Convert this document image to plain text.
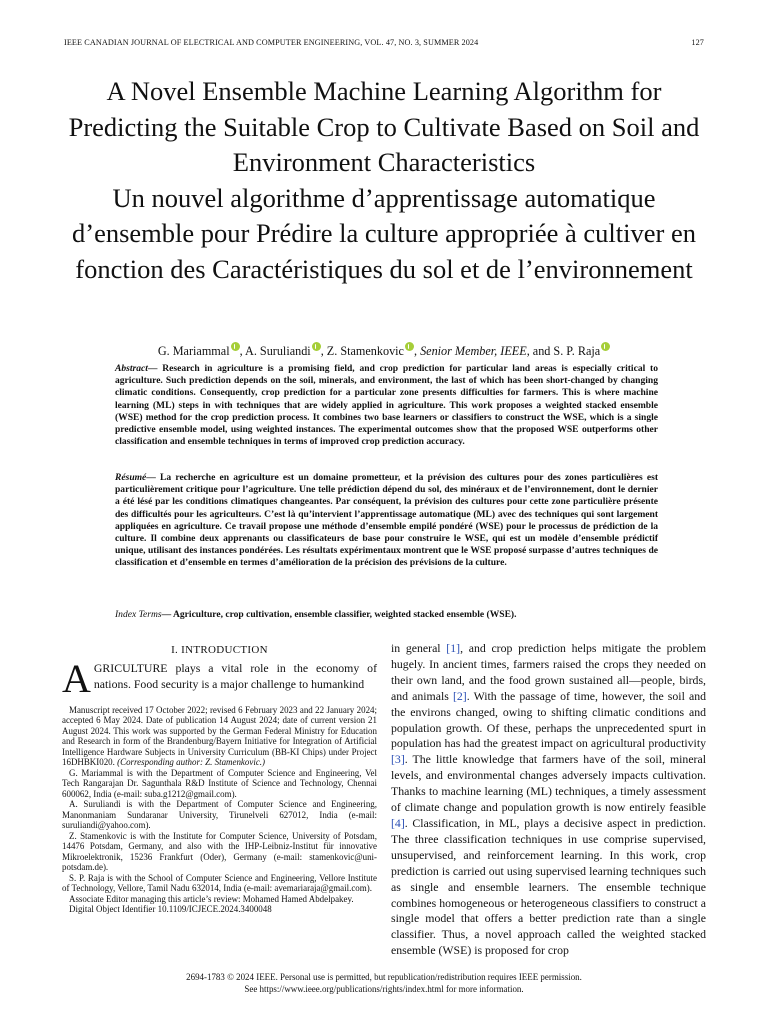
IEEE CANADIAN JOURNAL OF ELECTRICAL AND COMPUTER ENGINEERING, VOL. 47, NO. 3, SUMMER 2024	127
A Novel Ensemble Machine Learning Algorithm for Predicting the Suitable Crop to Cultivate Based on Soil and Environment Characteristics
Un nouvel algorithme d’apprentissage automatique d’ensemble pour Prédire la culture appropriée à cultiver en fonction des Caractéristiques du sol et de l’environnement
G. Mariammal , A. Suruliandi , Z. Stamenkovic , Senior Member, IEEE, and S. P. Raja

Abstract— Research in agriculture is a promising field, and crop prediction for particular land areas is especially critical to agriculture. Such prediction depends on the soil, minerals, and environment, the last of which has been short-changed by changing climatic conditions. Consequently, crop prediction for a particular zone presents difficulties for farmers. This is where machine learning (ML) steps in with techniques that are widely applied in agriculture. This work proposes a weighted stacked ensemble (WSE) method for the crop prediction process. It combines two base learners or classifiers to construct the WSE, which is a single predictive ensemble model, using weighted instances. The experimental outcomes show that the proposed WSE outperforms other classification and ensemble techniques in terms of improved crop prediction accuracy.

Résumé— La recherche en agriculture est un domaine prometteur, et la prévision des cultures pour des zones particulières est particulièrement critique pour l’agriculture. Une telle prédiction dépend du sol, des minéraux et de l’environnement, dont le dernier a été lésé par les conditions climatiques changeantes. Par conséquent, la prévision des cultures pour cette zone particulière présente des difficultés pour les agriculteurs. C’est là qu’intervient l’apprentissage automatique (ML) avec des techniques qui sont largement appliquées en agriculture. Ce travail propose une méthode d’ensemble empilé pondéré (WSE) pour le processus de prédiction de la culture. Il combine deux apprenants ou classificateurs de base pour construire le WSE, qui est un modèle d’ensemble prédictif unique, utilisant des instances pondérées. Les résultats expérimentaux montrent que le WSE proposé surpasse d’autres techniques de classification et d’ensemble en termes d’amélioration de la précision des prévisions de la culture.

Index Terms— Agriculture, crop cultivation, ensemble classifier, weighted stacked ensemble (WSE).

I. INTRODUCTION

AGRICULTURE plays a vital role in the economy of nations. Food security is a major challenge to humankind

Manuscript received 17 October 2022; revised 6 February 2023 and 22 January 2024; accepted 6 May 2024. Date of publication 14 August 2024; date of current version 21 August 2024. This work was supported by the German Federal Ministry for Education and Research in form of the Brandenburg/Bayern Initiative for Integration of Artificial Intelligence Hardware Subjects in University Curriculum (BB-KI Chips) under Project 16DHBKI020. (Corresponding author: Z. Stamenkovic.)

G. Mariammal is with the Department of Computer Science and Engineering, Vel Tech Rangarajan Dr. Sagunthala R&D Institute of Science and Technology, Chennai 600062, India (e-mail: suba.g1212@gmail.com).

A. Suruliandi is with the Department of Computer Science and Engineering, Manonmaniam Sundaranar University, Tirunelveli 627012, India (e-mail: suruliandi@yahoo.com).

Z. Stamenkovic is with the Institute for Computer Science, University of Potsdam, 14476 Potsdam, Germany, and also with the IHP-Leibniz-Institut für innovative Mikroelektronik, 15236 Frankfurt (Oder), Germany (e-mail: stamenkovic@uni-potsdam.de).

S. P. Raja is with the School of Computer Science and Engineering, Vellore Institute of Technology, Vellore, Tamil Nadu 632014, India (e-mail: avemariaraja@gmail.com).

Associate Editor managing this article’s review: Mohamed Hamed Abdelpakey.

Digital Object Identifier 10.1109/ICJECE.2024.3400048

in general [1], and crop prediction helps mitigate the problem hugely. In ancient times, farmers raised the crops they needed on their own land, and the food grown sustained all—people, birds, and animals [2]. With the passage of time, however, the soil and the environs changed, owing to shifting climatic conditions and population growth. Of these, perhaps the unprecedented spurt in population has had the greatest impact on agricultural productivity [3]. The little knowledge that farmers have of the soil, mineral levels, and environmental changes adversely impacts cultivation. Thanks to machine learning (ML) techniques, a timely assessment of climate change and population growth is now entirely feasible [4]. Classification, in ML, plays a decisive aspect in prediction. The three classification techniques in use comprise supervised, unsupervised, and reinforcement learning. In this work, crop prediction is carried out using supervised learning techniques such as single and ensemble learners. The ensemble technique combines homogeneous or heterogeneous classifiers to construct a single model that offers a better prediction rate than a single classifier. Thus, a novel approach called the weighted stacked ensemble (WSE) is proposed for crop

2694-1783 © 2024 IEEE. Personal use is permitted, but republication/redistribution requires IEEE permission.
See https://www.ieee.org/publications/rights/index.html for more information.
